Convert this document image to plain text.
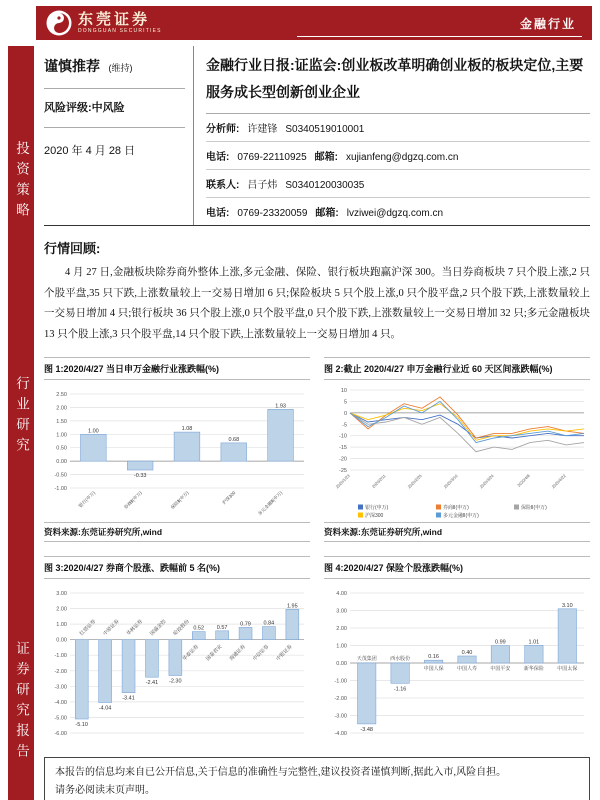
东莞证券
DONGGUAN SECURITIES	金融行业
投资策略
行业研究
证券研究报告
谨慎推荐 (维持)
风险评级:中风险
2020 年 4 月 28 日
金融行业日报:证监会:创业板改革明确创业板的板块定位,主要服务成长型创新创业企业
分析师: 许建锋 S0340519010001
电话: 0769-22110925 邮箱: xujianfeng@dgzq.com.cn
联系人: 吕子炜 S0340120030035
电话: 0769-23320059 邮箱: lvziwei@dgzq.com.cn
行情回顾:
4 月 27 日,金融板块除券商外整体上涨,多元金融、保险、银行板块跑赢沪深 300。当日券商板块 7 只个股上涨,2 只个股平盘,35 只下跌,上涨数量较上一交易日增加 6 只;保险板块 5 只个股上涨,0 只个股平盘,2 只个股下跌,上涨数量较上一交易日增加 4 只;银行板块 36 只个股上涨,0 只个股平盘,0 只个股下跌,上涨数量较上一交易日增加 32 只;多元金融板块 13 只个股上涨,3 只个股平盘,14 只个股下跌,上涨数量较上一交易日增加 4 只。
图 1:2020/4/27 当日申万金融行业涨跌幅(%)
2.50
2.00
1.50
1.00
0.50
0.00
-0.50
-1.00
1.00
银行(申万)
-0.33
券商Ⅱ(申万)
1.08
保险Ⅱ(申万)
0.68
沪深300
1.93
多元金融Ⅱ(申万)
资料来源:东莞证券研究所,wind
图 2:截止 2020/4/27 申万金融行业近 60 天区间涨跌幅(%)
10
5
0
-5
-10
-15
-20
-25
2020/1/23	2020/2/11	2020/2/25	2020/3/10	2020/3/24	2020/4/8	2020/4/22
银行(申万)	券商Ⅱ(申万)	保险Ⅱ(申万)
沪深300	多元金融Ⅱ(申万)
资料来源:东莞证券研究所,wind
图 3:2020/4/27 券商个股涨、跌幅前 5 名(%)
3.00
2.00
1.00
0.00
-1.00
-2.00
-3.00
-4.00
-5.00
-6.00
-5.10
红塔证券
-4.04
中原证券
-3.41
华林证券
-2.41
国盛金控
-2.30
哈投股份 0.52
华泰证券
0.57
国泰君安
0.79
海通证券
0.84
中信证券
1.95
中银证券
图 4:2020/4/27 保险个股涨跌幅(%)
4.00
3.00
2.00
1.00
0.00
-1.00
-2.00
-3.00
-4.00
-3.48
天茂集团
-1.16
西水股份	0.16
中国人保
0.40
中国人寿
0.99
中国平安
1.01
新华保险
3.10
中国太保
本报告的信息均来自已公开信息,关于信息的准确性与完整性,建议投资者谨慎判断,据此入市,风险自担。
请务必阅读末页声明。
